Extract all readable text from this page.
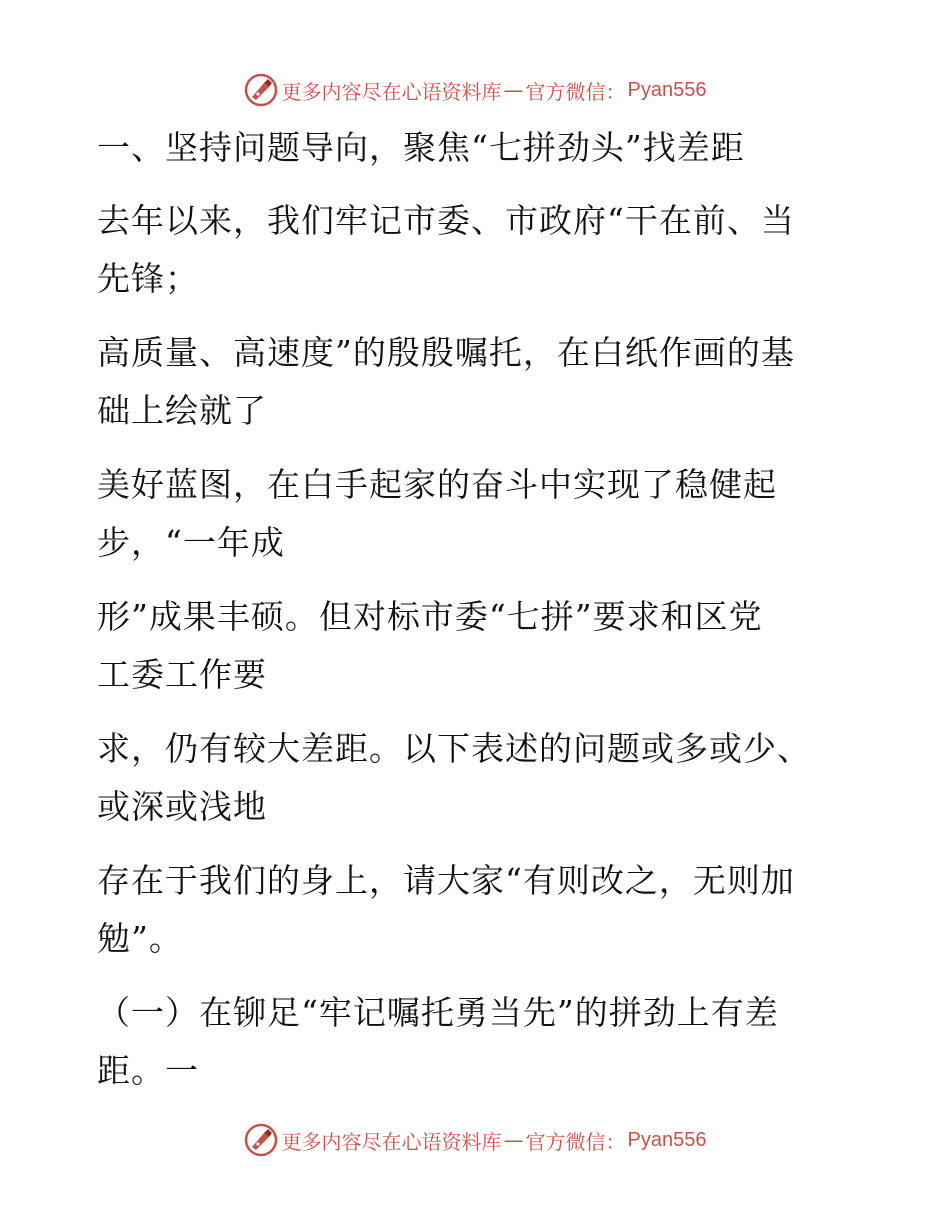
更多内容尽在心语资料库 — 官方微信： Pyan556
一、坚持问题导向，聚焦“七拼劲头”找差距
去年以来，我们牢记市委、市政府“干在前、当
先锋；
高质量、高速度”的殷殷嘱托，在白纸作画的基
础上绘就了
美好蓝图，在白手起家的奋斗中实现了稳健起
步，“一年成
形”成果丰硕。但对标市委“七拼”要求和区党
工委工作要
求，仍有较大差距。以下表述的问题或多或少、
或深或浅地
存在于我们的身上，请大家“有则改之，无则加
勉”。
（一）在铆足“牢记嘱托勇当先”的拼劲上有差
距。一
更多内容尽在心语资料库 — 官方微信： Pyan556
